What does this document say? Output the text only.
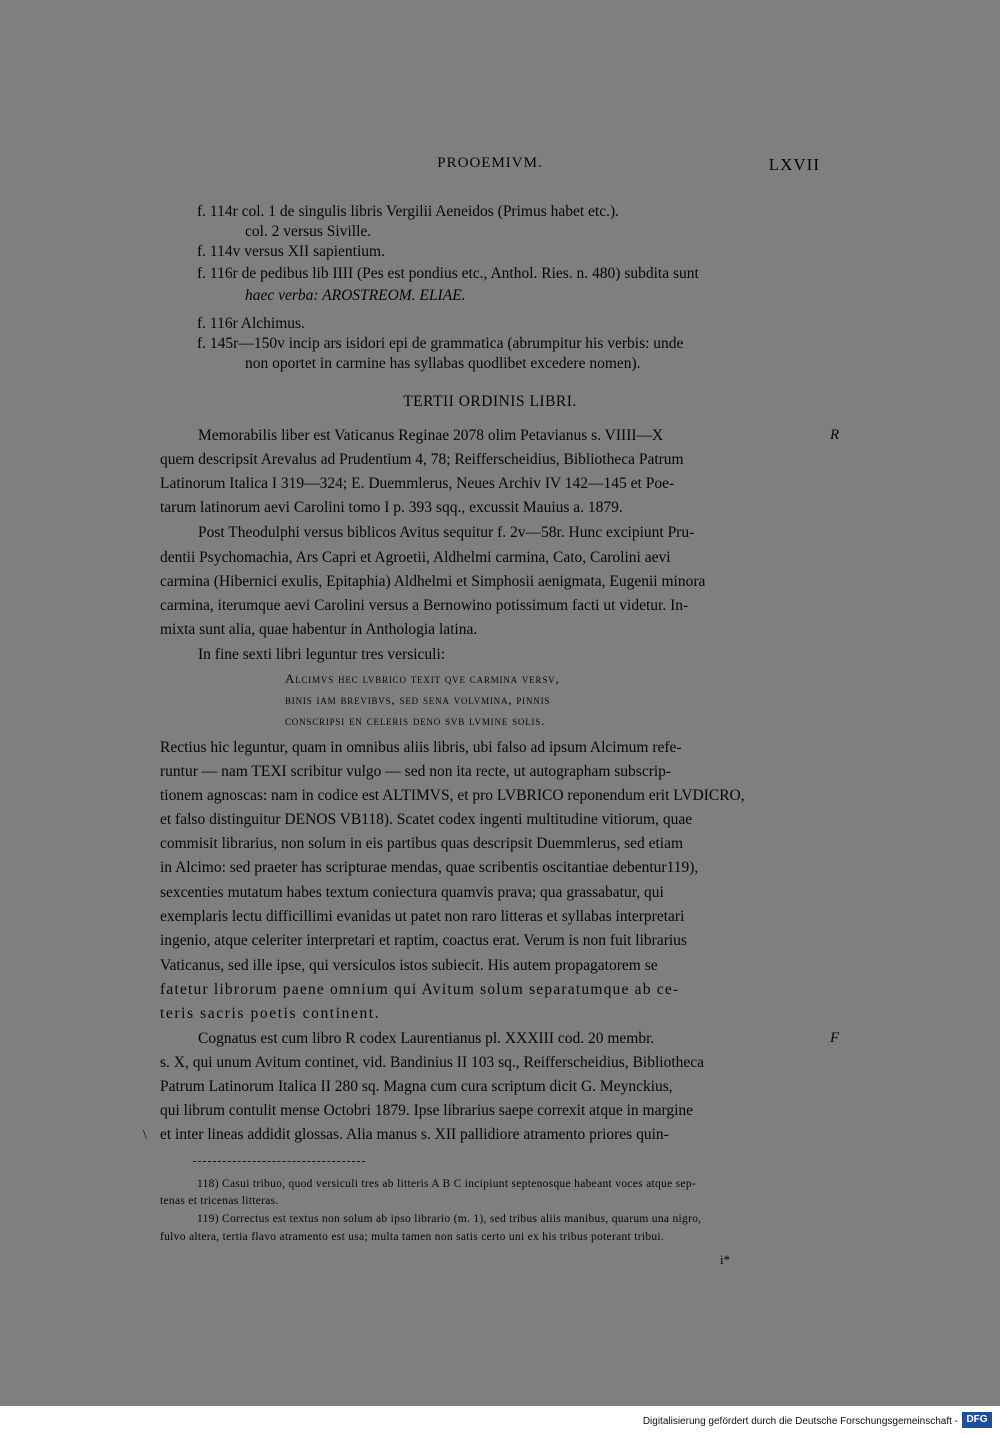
PROOEMIVM.	LXVII
f. 114r col. 1 de singulis libris Vergilii Aeneidos (Primus habet etc.).
col. 2 versus Siville.
f. 114v versus XII sapientium.
f. 116r de pedibus lib IIII (Pes est pondius etc., Anthol. Ries. n. 480) subdita sunt
haec verba: AROSTREOM. ELIAE.
f. 116r Alchimus.
f. 145r—150v incip ars isidori epi de grammatica (abrumpitur his verbis: unde
non oportet in carmine has syllabas quodlibet excedere nomen).
TERTII ORDINIS LIBRI.
Memorabilis liber est Vaticanus Reginae 2078 olim Petavianus s. VIIII—X	R
quem descripsit Arevalus ad Prudentium 4, 78; Reifferscheidius, Bibliotheca Patrum
Latinorum Italica I 319—324; E. Duemmlerus, Neues Archiv IV 142—145 et Poe-
tarum latinorum aevi Carolini tomo I p. 393 sqq., excussit Mauius a. 1879.
Post Theodulphi versus biblicos Avitus sequitur f. 2v—58r. Hunc excipiunt Pru-
dentii Psychomachia, Ars Capri et Agroetii, Aldhelmi carmina, Cato, Carolini aevi
carmina (Hibernici exulis, Epitaphia) Aldhelmi et Simphosii aenigmata, Eugenii minora
carmina, iterumque aevi Carolini versus a Bernowino potissimum facti ut videtur. In-
mixta sunt alia, quae habentur in Anthologia latina.
In fine sexti libri leguntur tres versiculi:
Alcimvs hec lvbrico texit qve carmina versv,
binis iam brevibvs, sed sena volvmina, pinnis
conscripsi en celeris deno svb lvmine solis.
Rectius hic leguntur, quam in omnibus aliis libris, ubi falso ad ipsum Alcimum refe-
runtur — nam TEXI scribitur vulgo — sed non ita recte, ut autographam subscrip-
tionem agnoscas: nam in codice est ALTIMVS, et pro LVBRICO reponendum erit LVDICRO,
et falso distinguitur DENOS VB118). Scatet codex ingenti multitudine vitiorum, quae
commisit librarius, non solum in eis partibus quas descripsit Duemmlerus, sed etiam
in Alcimo: sed praeter has scripturae mendas, quae scribentis oscitantiae debentur119),
sexcenties mutatum habes textum coniectura quamvis prava; qua grassabatur, qui
exemplaris lectu difficillimi evanidas ut patet non raro litteras et syllabas interpretari
ingenio, atque celeriter interpretari et raptim, coactus erat. Verum is non fuit librarius
Vaticanus, sed ille ipse, qui versiculos istos subiecit. His autem propagatorem se
fatetur librorum paene omnium qui Avitum solum separatumque ab ce-
teris sacris poetis continent.
Cognatus est cum libro R codex Laurentianus pl. XXXIII cod. 20 membr.	F
s. X, qui unum Avitum continet, vid. Bandinius II 103 sq., Reifferscheidius, Bibliotheca
Patrum Latinorum Italica II 280 sq. Magna cum cura scriptum dicit G. Meynckius,
qui librum contulit mense Octobri 1879. Ipse librarius saepe correxit atque in margine
et inter lineas addidit glossas. Alia manus s. XII pallidiore atramento priores quin-
\
118) Casui tribuo, quod versiculi tres ab litteris A B C incipiunt septenosque habeant voces atque sep-
tenas et tricenas litteras.
119) Correctus est textus non solum ab ipso librario (m. 1), sed tribus aliis manibus, quarum una nigro,
fulvo altera, tertia flavo atramento est usa; multa tamen non satis certo uni ex his tribus poterant tribui.
i*
Digitalisierung gefördert durch die Deutsche Forschungsgemeinschaft - DFG
